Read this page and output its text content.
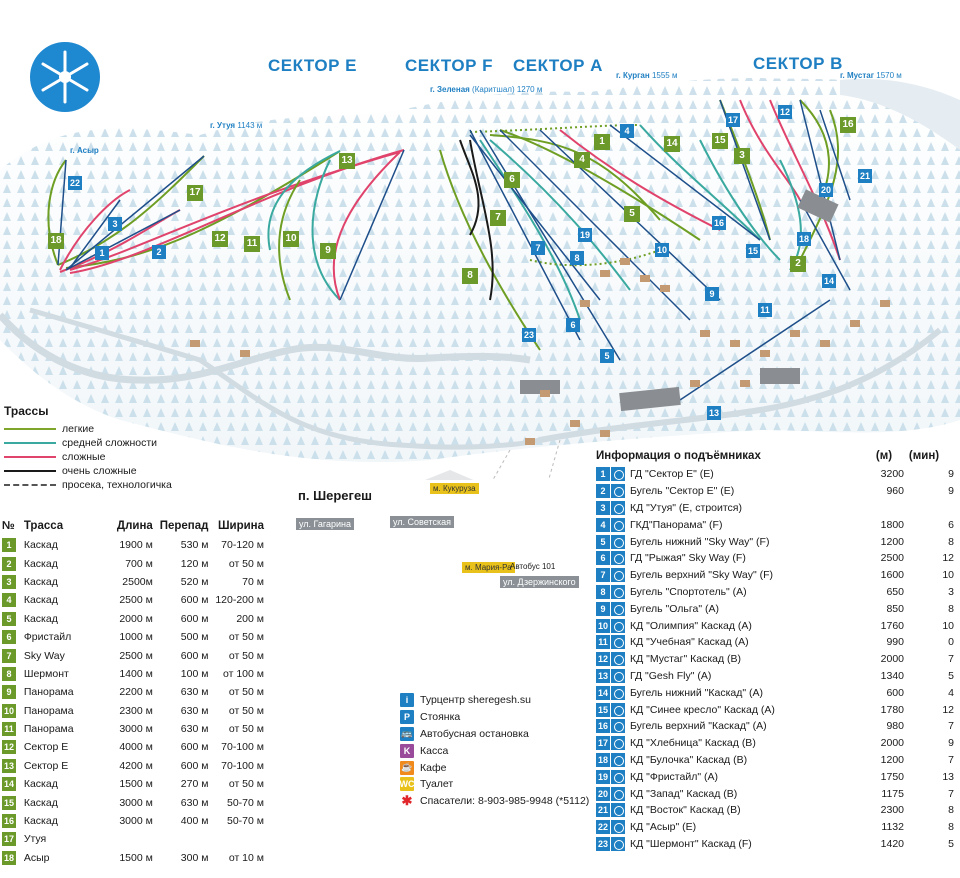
СЕКТОР Е	СЕКТОР F СЕКТОР А	СЕКТОР В
г. Асыр
г. Утуя 1143 м
г. Зеленая (Каритшал) 1270 м
г. Курган 1555 м	г. Мустаг 1570 м
1
2
3
4
5
6
7
8
9
10
11
12
13
14	15
16
17
18
1	2
3
4
5
6
7
8
9
10
11
12
13
14
15
16
17
18
19
20
21
22
23
Трассы
легкие
средней сложности
сложные
очень сложные
просека, технологичка
№ Трасса	Длина Перепад Ширина
1	Каскад	1900 м	530 м	70-120 м
2	Каскад	700 м	120 м	от 50 м
3	Каскад	2500м	520 м	70 м
4	Каскад	2500 м	600 м 120-200 м
5	Каскад	2000 м	600 м	200 м
6	Фристайл	1000 м	500 м	от 50 м
7	Sky Way	2500 м	600 м	от 50 м
8	Шермонт	1400 м	100 м	от 100 м
9	Панорама	2200 м	630 м	от 50 м
10 Панорама	2300 м	630 м	от 50 м
11 Панорама	3000 м	630 м	от 50 м
12 Сектор Е	4000 м	600 м	70-100 м
13 Сектор Е	4200 м	600 м	70-100 м
14 Каскад	1500 м	270 м	от 50 м
15 Каскад	3000 м	630 м	50-70 м
16 Каскад	3000 м	400 м	50-70 м
17 Утуя
18 Асыр	1500 м	300 м	от 10 м
п. Шерегеш
ул. Гагарина	ул. Советская
ул. Дзержинского
м. Кукуруза
м. Мария-Ра
Автобус 101
i	Турцентр sheregesh.su
P Стоянка
🚌 Автобусная остановка
K Касса
☕ Кафе
WC Туалет
✱ Спасатели: 8-903-985-9948 (*5112)
Информация о подъёмниках	(м)	(мин)
1	ГД "Сектор Е" (Е)	3200	9
2	Бугель "Сектор Е" (Е)	960	9
3	КД "Утуя" (Е, строится)
4	ГКД"Панорама" (F)	1800	6
5	Бугель нижний "Sky Way" (F)	1200	8
6	ГД "Рыжая" Sky Way (F)	2500	12
7	Бугель верхний "Sky Way" (F)	1600	10
8	Бугель "Спортотель" (А)	650	3
9	Бугель "Ольга" (А)	850	8
10 КД "Олимпия" Каскад (А)	1760	10
11 КД "Учебная" Каскад (А)	990	0
12 КД "Мустаг" Каскад (В)	2000	7
13 ГД "Gesh Fly" (А)	1340	5
14 Бугель нижний "Каскад" (А)	600	4
15 КД "Синее кресло" Каскад (А)	1780	12
16 Бугель верхний "Каскад" (А)	980	7
17 КД "Хлебница" Каскад (В)	2000	9
18 КД "Булочка" Каскад (В)	1200	7
19 КД "Фристайл" (А)	1750	13
20 КД "Запад" Каскад (В)	1175	7
21 КД "Восток" Каскад (В)	2300	8
22 КД "Асыр" (Е)	1132	8
23 КД "Шермонт" Каскад (F)	1420	5
